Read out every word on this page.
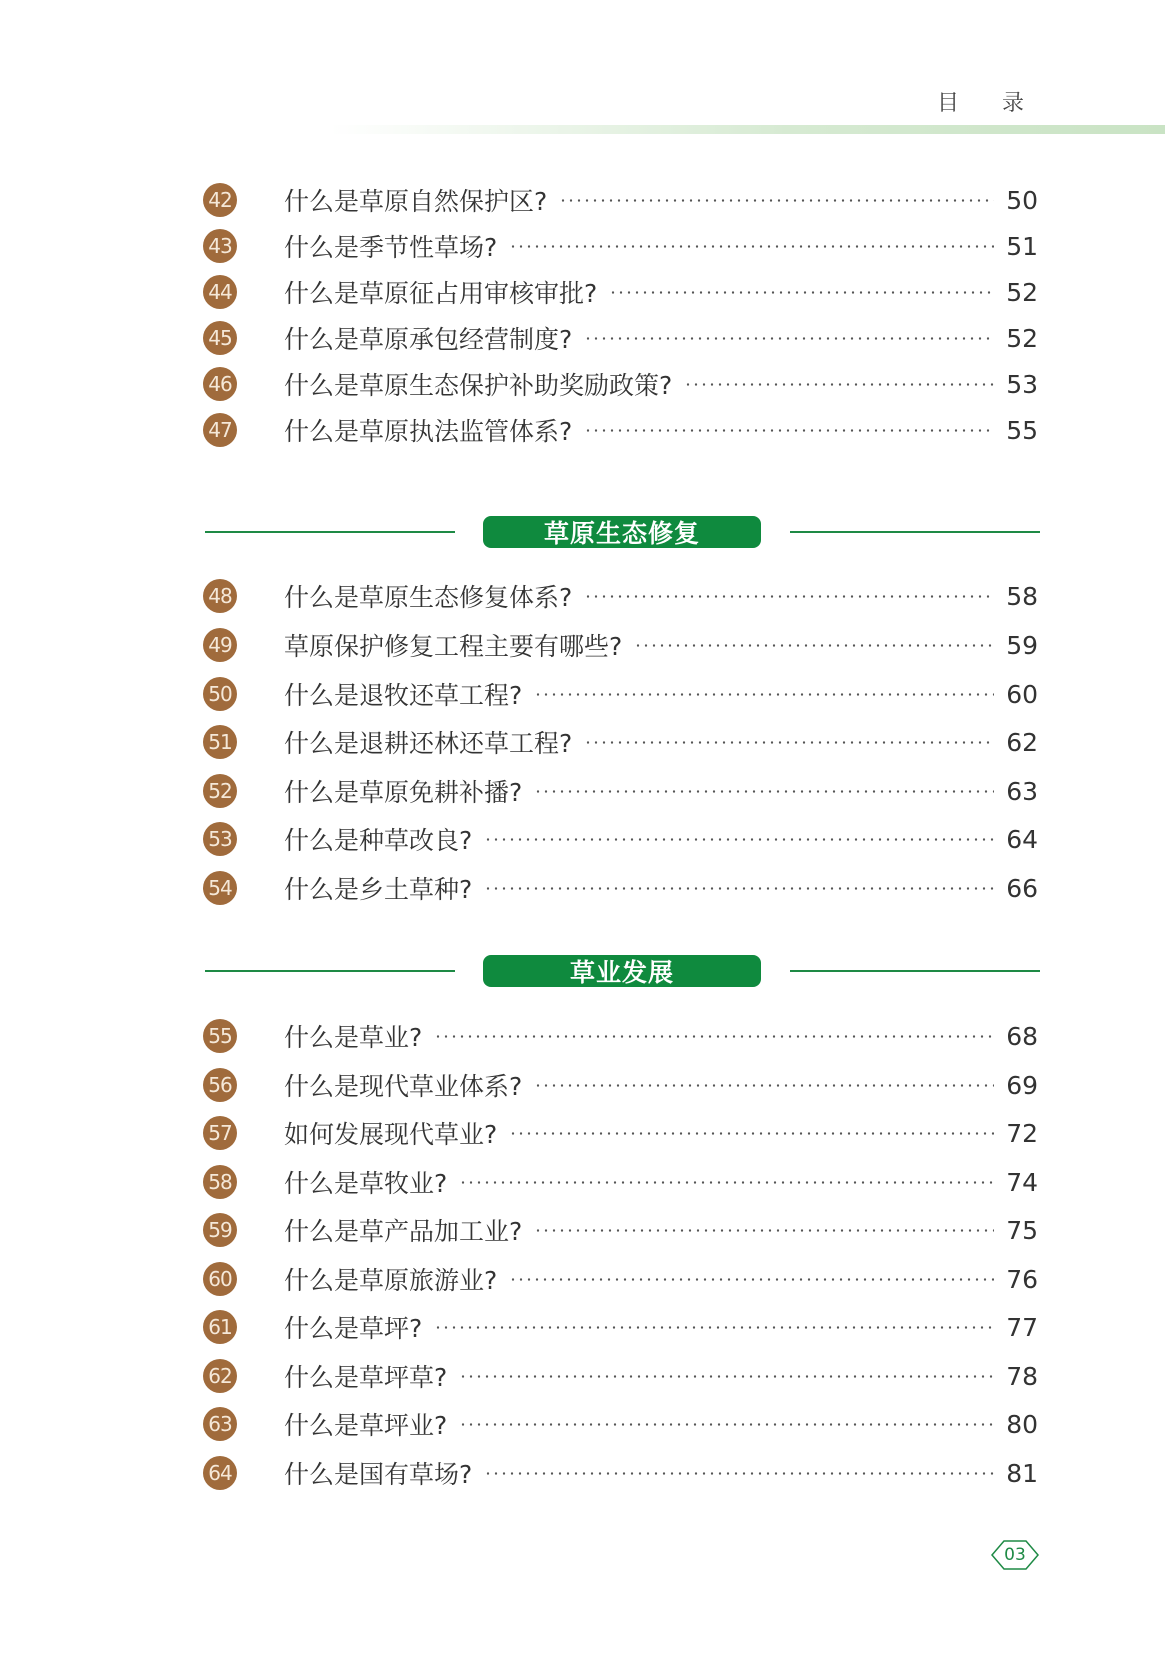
目 录
42 什么是草原自然保护区?	50
43 什么是季节性草场?	51
44 什么是草原征占用审核审批?	52
45 什么是草原承包经营制度?	52
46 什么是草原生态保护补助奖励政策?	53
47 什么是草原执法监管体系?	55
草原生态修复
48 什么是草原生态修复体系?	58
49 草原保护修复工程主要有哪些?	59
50 什么是退牧还草工程?	60
51 什么是退耕还林还草工程?	62
52 什么是草原免耕补播?	63
53 什么是种草改良?	64
54 什么是乡土草种?	66
草业发展
55 什么是草业?	68
56 什么是现代草业体系?	69
57 如何发展现代草业?	72
58 什么是草牧业?	74
59 什么是草产品加工业?	75
60 什么是草原旅游业?	76
61 什么是草坪?	77
62 什么是草坪草?	78
63 什么是草坪业?	80
64 什么是国有草场?	81
03
